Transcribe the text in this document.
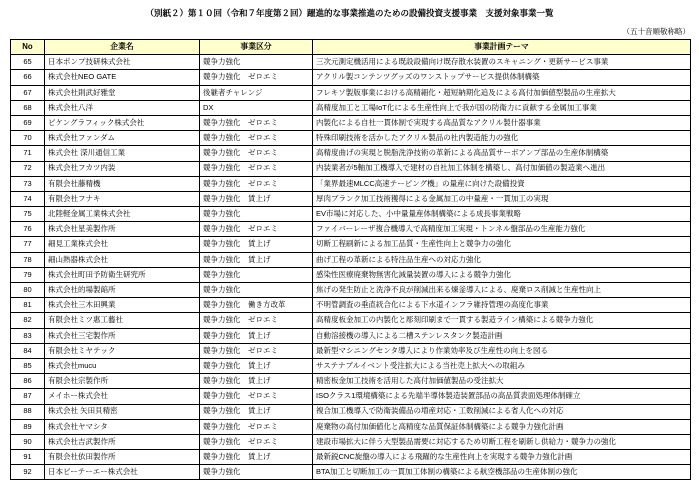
（別紙２）第１０回（令和７年度第２回）躍進的な事業推進のための設備投資支援事業　支援対象事業一覧
（五十音順敬称略）
No	企業名	事業区分	事業計画テーマ
65	日本ポンプ技研株式会社	競争力強化	三次元測定機活用による既設設備向け既存散水装置のスキャニング・更新サービス事業
66	株式会社NEO GATE	競争力強化　ゼロエミ	アクリル製コンテンツグッズのワンストップサービス提供体制構築
67	株式会社則武好雅堂	後継者チャレンジ	フレキソ製版事業における高精細化・超短納期化追及による高付加価値型製品の生産拡大
68	株式会社八洋	DX	高精度加工と工場IoT化による生産性向上で我が国の防衛力に貢献する金属加工事業
69	ビケングラフィック株式会社	競争力強化　ゼロエミ	内製化による自社一貫体制で実現する高品質なアクリル製什器事業
70	株式会社ファンダム	競争力強化　ゼロエミ	特殊印刷技術を活かしたアクリル製品の社内製造能力の強化
71	株式会社 深川通信工業	競争力強化　ゼロエミ	高精度曲げの実現と脱脂洗浄技術の革新による高品質サーボアンプ部品の生産体制構築
72	株式会社フカツ内装	競争力強化　ゼロエミ	内装業者が5軸加工機導入で建材の自社加工体制を構築し、高付加価値の製造業へ進出
73	有限会社藤精機	競争力強化　ゼロエミ	「業界最速MLCC高速テーピング機」の量産に向けた設備投資
74	有限会社フナキ	競争力強化　賃上げ	厚肉ブランク加工技術獲得による金属加工の中量産・一貫加工の実現
75	北陸軽金属工業株式会社	競争力強化	EV市場に対応した、小中量量産体制構築による成長事業戦略
76	株式会社星美製作所	競争力強化　ゼロエミ	ファイバーレーザ複合機導入で高精度加工実現・トンネル盤部品の生産能力強化
77	細見工業株式会社	競争力強化　賃上げ	切断工程刷新による加工品質・生産性向上と競争力の強化
78	細山熱器株式会社	競争力強化　賃上げ	曲げ工程の革新による特注品生産への対応力強化
79	株式会社町田予防衛生研究所	競争力強化	感染性医療廃棄物無害化減量装置の導入による競争力強化
80	株式会社的場製餡所	競争力強化	焦げの発生防止と洗浄不良が削減出来る煉釜導入による、廃棄ロス削減と生産性向上
81	株式会社三木田興業	競争力強化　働き方改革	不明管調査の垂直統合化による下水道インフラ維持管理の高度化事業
82	有限会社ミツ惠工藝社	競争力強化　ゼロエミ	高精度板金加工の内製化と彫刻印刷まで一貫する製造ライン構築による競争力強化
83	株式会社三宅製作所	競争力強化　賃上げ	自動溶接機の導入による二槽ステンレスタンク製造計画
84	有限会社ミヤテック	競争力強化　ゼロエミ	最新型マシニングセンタ導入により作業効率及び生産性の向上を図る
85	株式会社mucu	競争力強化　賃上げ	サステナブルイベント受注拡大による当社売上拡大への取組み
86	有限会社宗製作所	競争力強化　賃上げ	精密板金加工技術を活用した高付加価値製品の受注拡大
87	メイホー株式会社	競争力強化　ゼロエミ	ISOクラス1環境構築による先端半導体製造装置部品の高品質表面処理体制確立
88	株式会社 矢田貝精密	競争力強化　賃上げ	複合加工機導入で防衛装備品の増産対応・工数削減による省人化への対応
89	株式会社ヤマシタ	競争力強化　ゼロエミ	廃棄物の高付加価値化と高精度な品質保証体制構築による競争力強化計画
90	株式会社吉武製作所	競争力強化　ゼロエミ	建設市場拡大に伴う大型製品需要に対応するため切断工程を刷新し供給力・競争力の強化
91	有限会社依田製作所	競争力強化　賃上げ	最新鋭CNC旋盤の導入による飛躍的な生産性向上を実現する競争力強化計画
92	日本ビーテーエー株式会社	競争力強化	BTA加工と切断加工の一貫加工体制の構築による航空機部品の生産体制の強化
